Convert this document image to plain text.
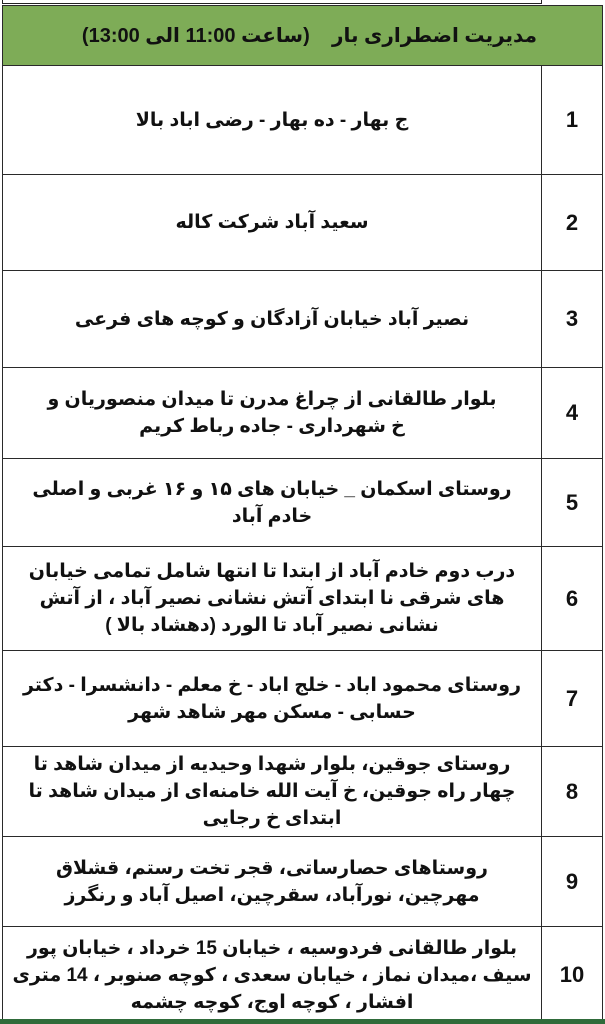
مدیریت اضطراری بار    (ساعت 11:00 الی 13:00)
1
ج بهار - ده بهار - رضی اباد بالا
2
سعید آباد شرکت کاله
3
نصیر آباد خیابان آزادگان و کوچه های فرعی
4
بلوار طالقانی از چراغ مدرن تا میدان منصوریان و خ شهرداری - جاده رباط کریم
5
روستای اسکمان _ خیابان های ۱۵ و ۱۶ غربی و اصلی خادم آباد
6
درب دوم خادم آباد از ابتدا تا انتها شامل تمامی خیابان های شرقی نا ابتدای آتش نشانی نصیر آباد ، از آتش نشانی نصیر آباد تا الورد (دهشاد بالا )
7
روستای محمود اباد - خلج اباد - خ معلم - دانشسرا - دکتر حسابی - مسکن مهر شاهد شهر
8
روستای جوقین، بلوار شهدا وحیدیه از میدان شاهد تا چهار راه جوقین، خ آیت الله خامنه‌ای از میدان شاهد تا ابتدای خ رجایی
9
روستاهای حصارساتی، قجر تخت رستم، قشلاق مهرچین، نورآباد، سقرچین، اصیل آباد و رنگرز
10
بلوار طالقانی فردوسیه ، خیابان 15 خرداد ، خیابان پور سیف ،میدان نماز ، خیابان سعدی ، کوچه صنوبر ، 14 متری افشار ، کوچه اوج، کوچه چشمه
